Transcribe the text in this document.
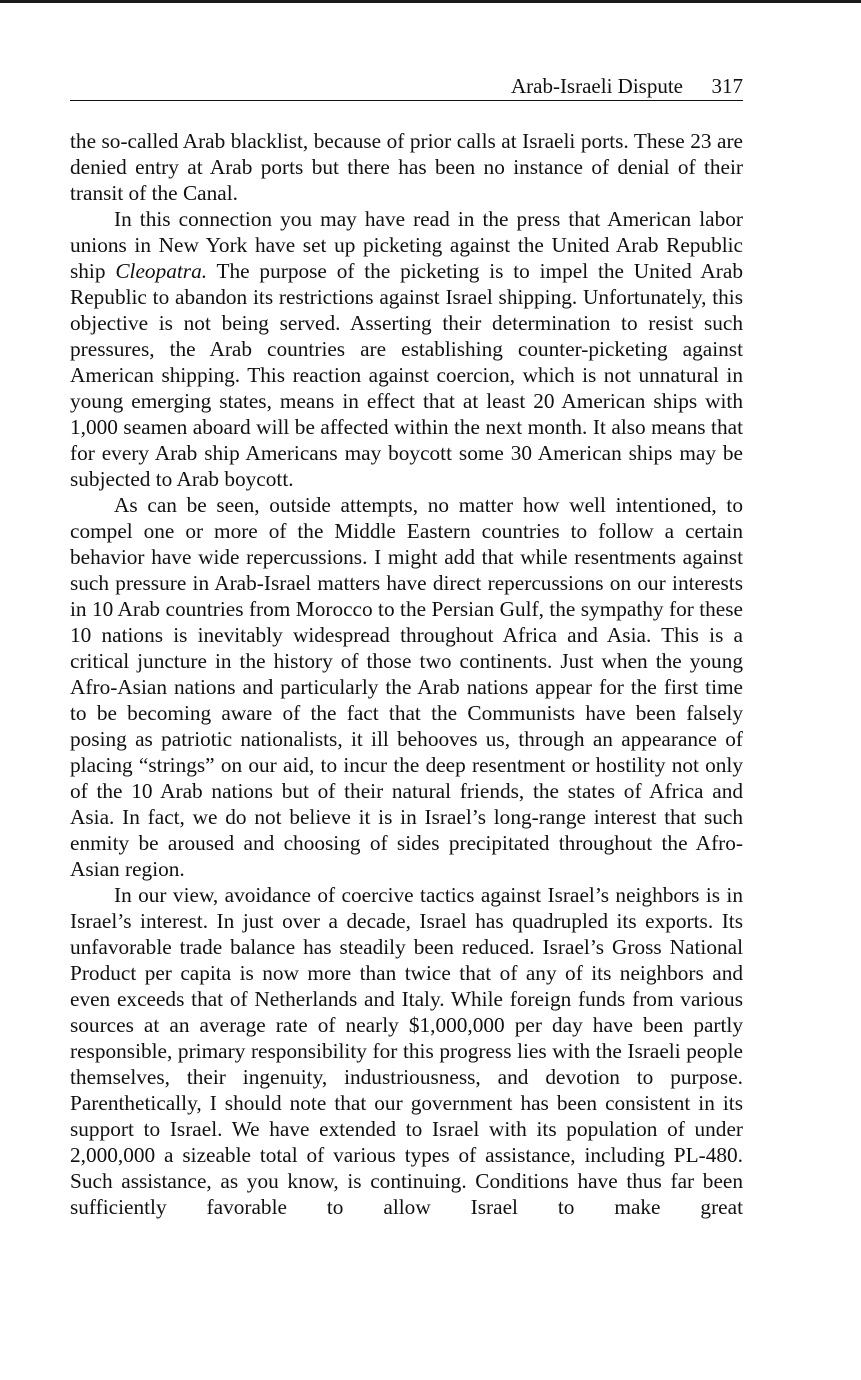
Arab-Israeli Dispute 317

the so-called Arab blacklist, because of prior calls at Israeli ports. These 23 are denied entry at Arab ports but there has been no instance of denial of their transit of the Canal.

In this connection you may have read in the press that American labor unions in New York have set up picketing against the United Arab Republic ship Cleopatra. The purpose of the picketing is to impel the United Arab Republic to abandon its restrictions against Israel shipping. Unfortunately, this objective is not being served. Asserting their determination to resist such pressures, the Arab countries are establishing counter-picketing against American shipping. This reaction against coercion, which is not unnatural in young emerging states, means in effect that at least 20 American ships with 1,000 seamen aboard will be affected within the next month. It also means that for every Arab ship Americans may boycott some 30 American ships may be subjected to Arab boycott.

As can be seen, outside attempts, no matter how well intentioned, to compel one or more of the Middle Eastern countries to follow a certain behavior have wide repercussions. I might add that while resentments against such pressure in Arab-Israel matters have direct repercussions on our interests in 10 Arab countries from Morocco to the Persian Gulf, the sympathy for these 10 nations is inevitably widespread throughout Africa and Asia. This is a critical juncture in the history of those two continents. Just when the young Afro-Asian nations and particularly the Arab nations appear for the first time to be becoming aware of the fact that the Communists have been falsely posing as patriotic nationalists, it ill behooves us, through an appearance of placing “strings” on our aid, to incur the deep resentment or hostility not only of the 10 Arab nations but of their natural friends, the states of Africa and Asia. In fact, we do not believe it is in Israel’s long-range interest that such enmity be aroused and choosing of sides precipitated throughout the Afro-Asian region.

In our view, avoidance of coercive tactics against Israel’s neighbors is in Israel’s interest. In just over a decade, Israel has quadrupled its exports. Its unfavorable trade balance has steadily been reduced. Israel’s Gross National Product per capita is now more than twice that of any of its neighbors and even exceeds that of Netherlands and Italy. While foreign funds from various sources at an average rate of nearly $1,000,000 per day have been partly responsible, primary responsibility for this progress lies with the Israeli people themselves, their ingenuity, industriousness, and devotion to purpose. Parenthetically, I should note that our government has been consistent in its support to Israel. We have extended to Israel with its population of under 2,000,000 a sizeable total of various types of assistance, including PL-480. Such assistance, as you know, is continuing. Conditions have thus far been sufficiently favorable to allow Israel to make great
